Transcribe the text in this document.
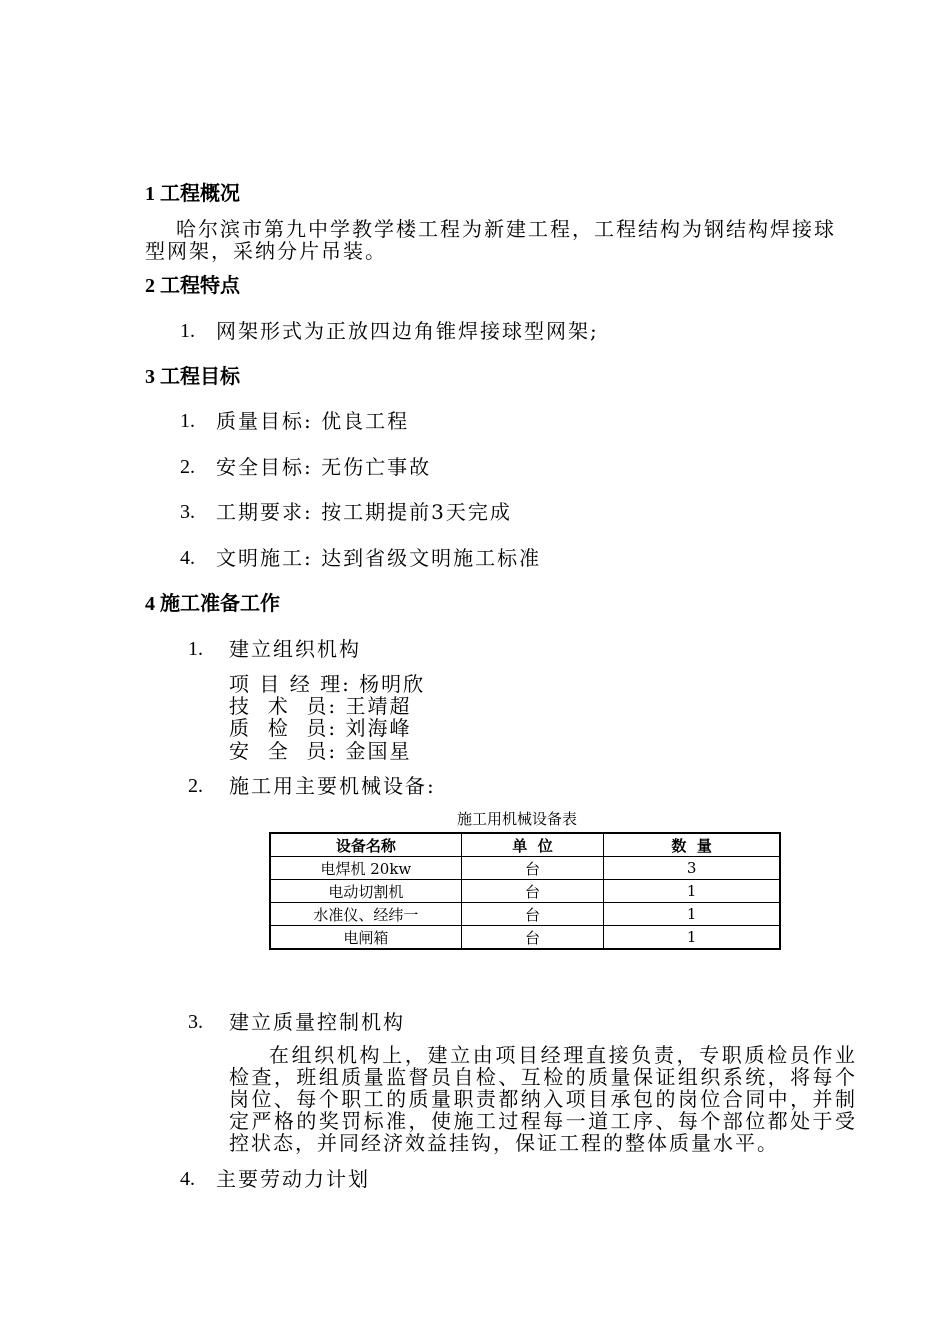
1 工程概况
哈尔滨市第九中学教学楼工程为新建工程，工程结构为钢结构焊接球
型网架，采纳分片吊装。
2 工程特点
1. 网架形式为正放四边角锥焊接球型网架;
3 工程目标
1. 质量目标: 优良工程
2. 安全目标: 无伤亡事故
3. 工期要求: 按工期提前3天完成
4. 文明施工: 达到省级文明施工标准
4 施工准备工作
1. 建立组织机构
项 目 经 理: 杨明欣
技  术  员: 王靖超
质  检  员: 刘海峰
安  全  员: 金国星
2. 施工用主要机械设备:
施工用机械设备表
设备名称	单  位	数  量
电焊机 20kw	台	3
电动切割机	台	1
水准仪、经纬一	台	1
电闸箱	台	1
3. 建立质量控制机构
在组织机构上，建立由项目经理直接负责，专职质检员作业检查，班组质量监督员自检、互检的质量保证组织系统，将每个岗位、每个职工的质量职责都纳入项目承包的岗位合同中，并制定严格的奖罚标准，使施工过程每一道工序、每个部位都处于受控状态，并同经济效益挂钩，保证工程的整体质量水平。
4. 主要劳动力计划
